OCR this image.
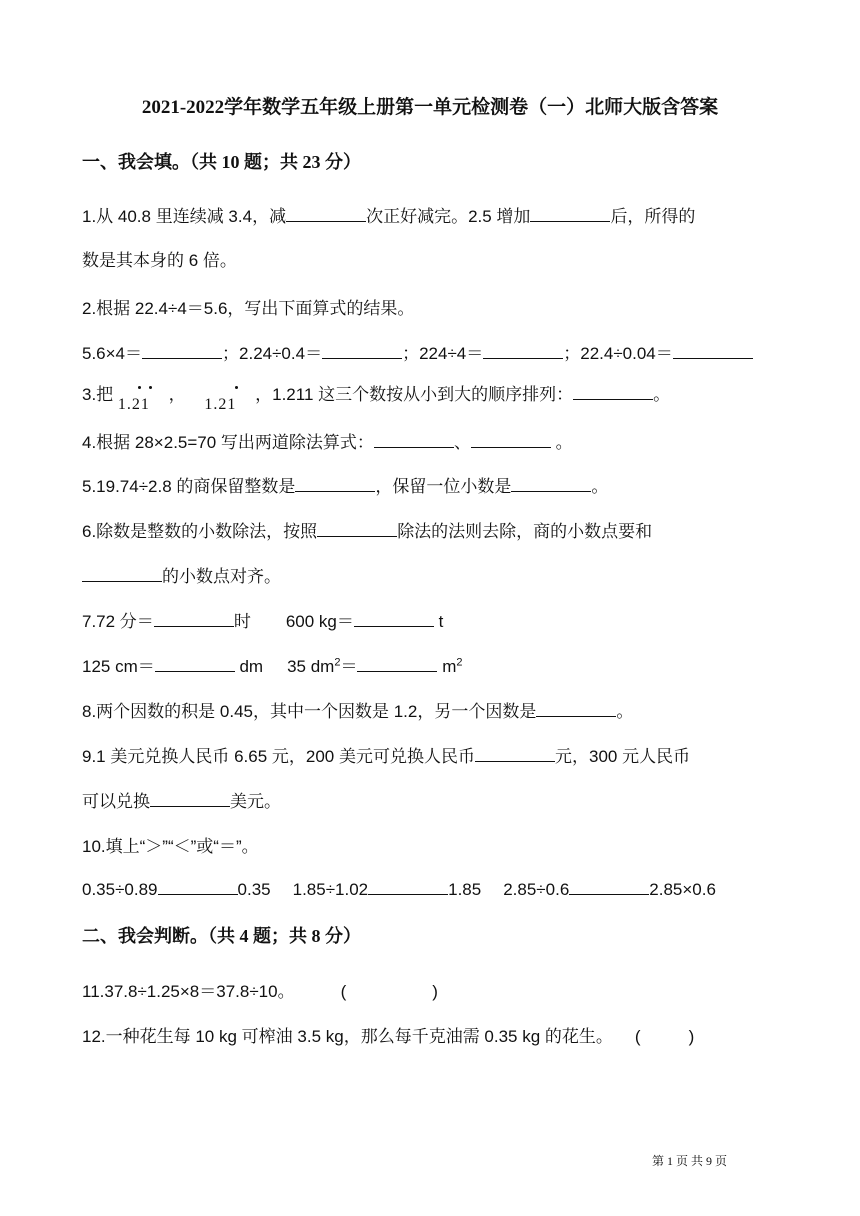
2021-2022学年数学五年级上册第一单元检测卷（一）北师大版含答案
一、我会填。（共 10 题；共 23 分）
1.从 40.8 里连续减 3.4，减	次正好减完。2.5 增加	后，所得的
数是其本身的 6 倍。
2.根据 22.4÷4＝5.6，写出下面算式的结果。
5.6×4＝	；2.24÷0.4＝	；224÷4＝	；22.4÷0.04＝
3.把
1.21
，
1.21
，1.211 这三个数按从小到大的顺序排列：	。
4.根据 28×2.5=70 写出两道除法算式：	、	。
5.19.74÷2.8 的商保留整数是	，保留一位小数是	。
6.除数是整数的小数除法，按照	除法的法则去除，商的小数点要和
的小数点对齐。
7.72 分＝	时 600 kg＝	t
125 cm＝	dm 35 $dm^2=$	$m^2$
8.两个因数的积是 0.45，其中一个因数是 1.2，另一个因数是	。
9.1 美元兑换人民币 6.65 元，200 美元可兑换人民币	元，300 元人民币
可以兑换	美元。
10.填上“＞”“＜”或“＝”。
0.35÷0.89	0.35 1.85÷1.02	1.85 2.85÷0.6	2.85×0.6
二、我会判断。（共 4 题；共 8 分）
11.37.8÷1.25×8＝37.8÷10。	(	)
12.一种花生每 10 kg 可榨油 3.5 kg，那么每千克油需 0.35 kg 的花生。 (	)
第 1 页 共 9 页
